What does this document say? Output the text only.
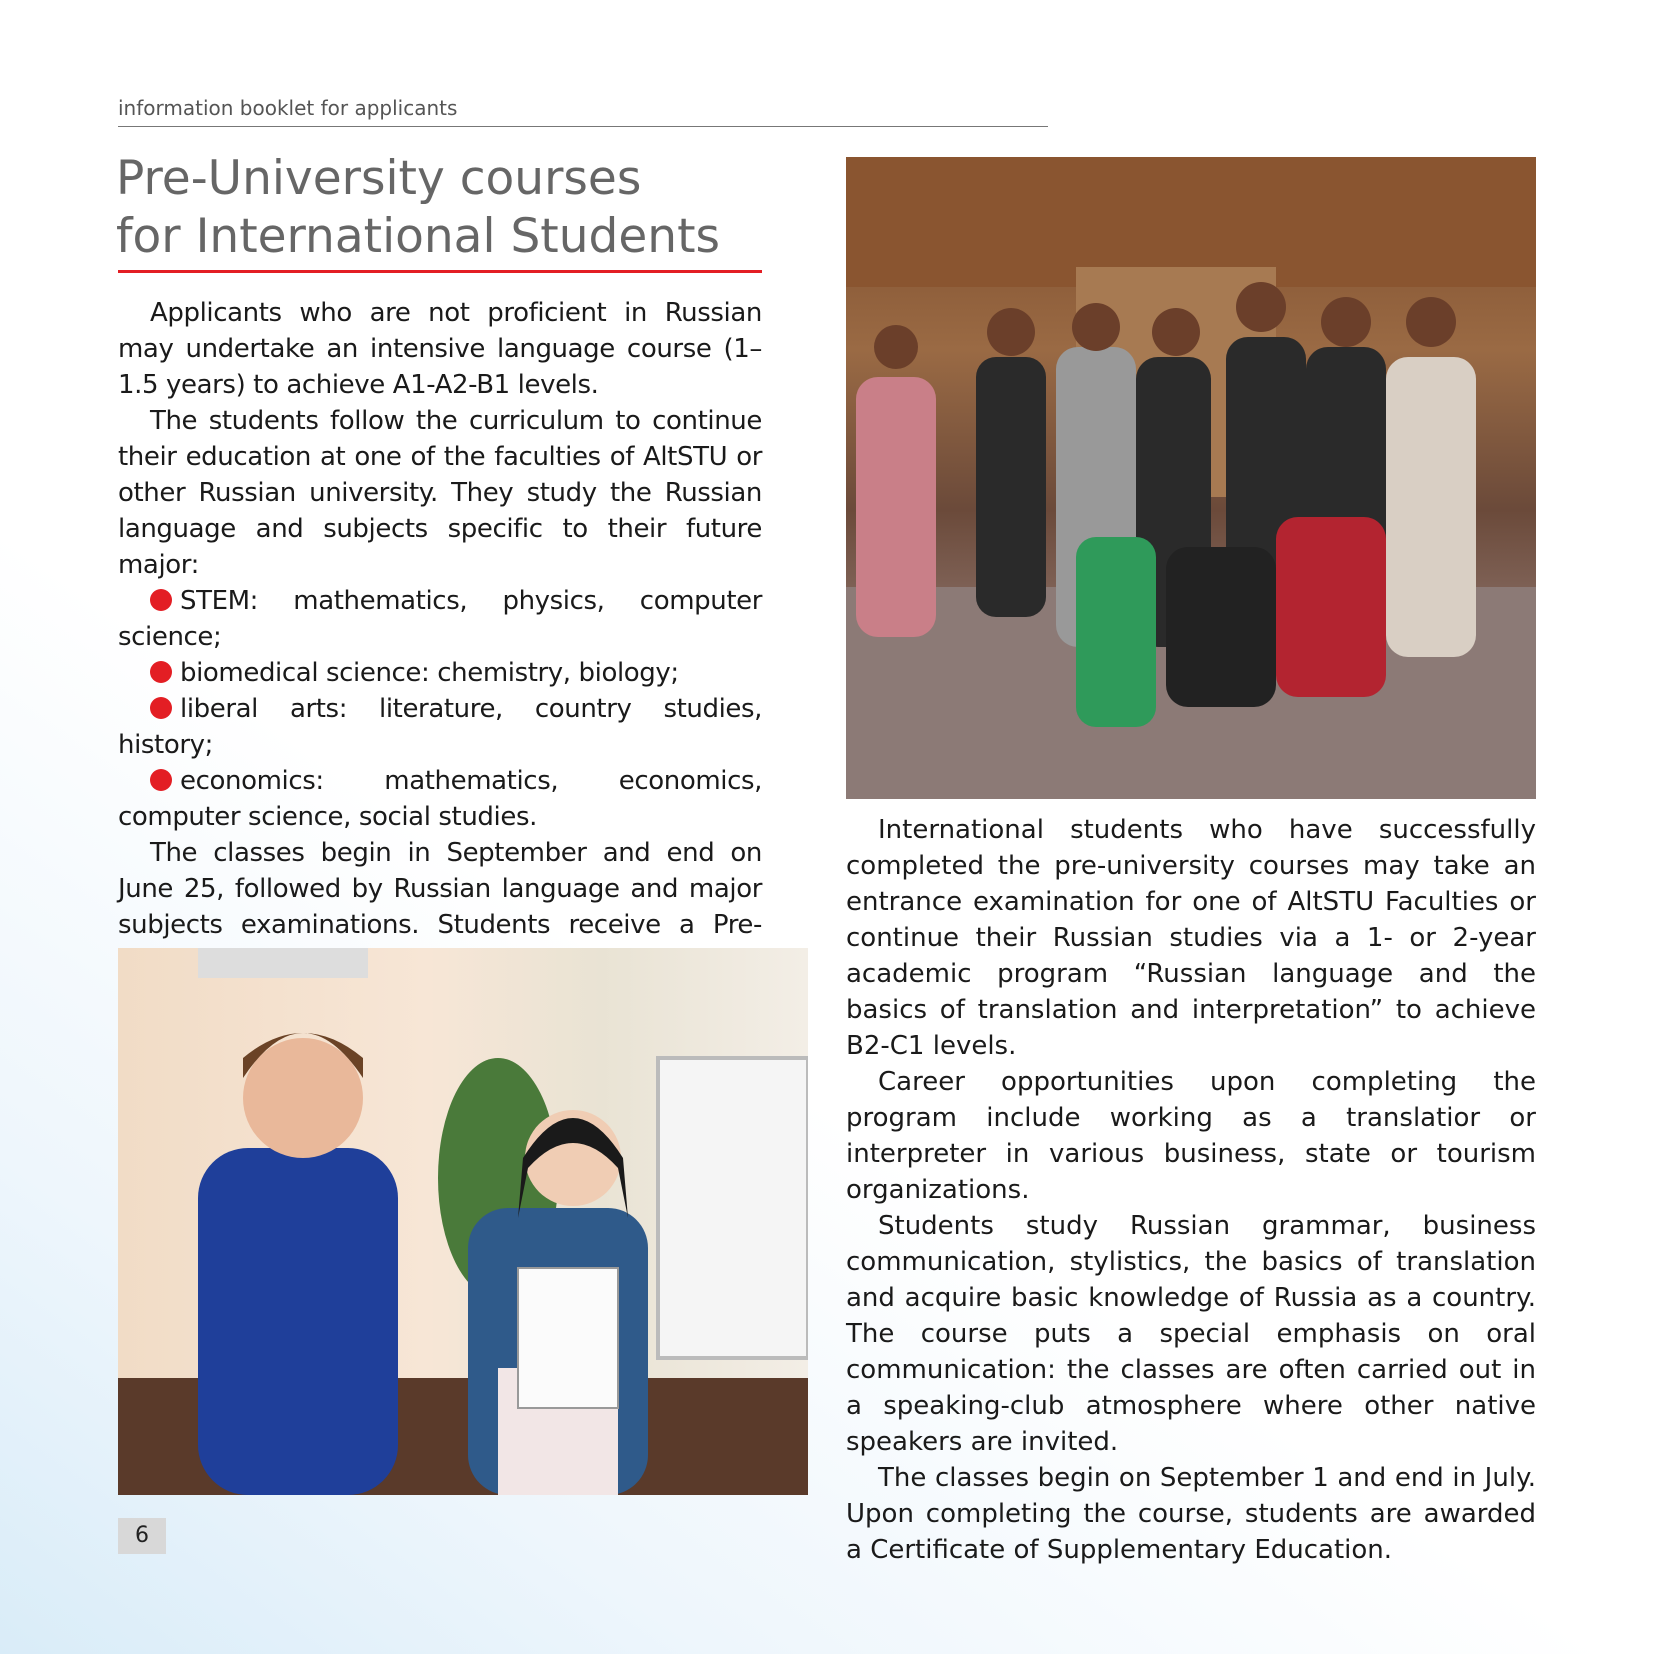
information booklet for applicants
Pre-University courses
for International Students

Applicants who are not proficient in Russian may undertake an intensive language course (1–1.5 years) to achieve A1-A2-B1 levels.

The students follow the curriculum to continue their education at one of the faculties of AltSTU or other Russian university. They study the Russian language and subjects specific to their future major:

STEM: mathematics, physics, computer science;

biomedical science: chemistry, biology;

liberal arts: literature, country studies, history;

economics: mathematics, economics, computer science, social studies.

The classes begin in September and end on June 25, followed by Russian language and major subjects examinations. Students receive a Pre-

International students who have successfully completed the pre-university courses may take an entrance examination for one of AltSTU Faculties or continue their Russian studies via a 1- or 2-year academic program “Russian language and the basics of translation and interpretation” to achieve B2-C1 levels.

Career opportunities upon completing the program include working as a translatior or interpreter in various business, state or tourism organizations.

Students study Russian grammar, business communication, stylistics, the basics of translation and acquire basic knowledge of Russia as a country. The course puts a special emphasis on oral communication: the classes are often carried out in a speaking-club atmosphere where other native speakers are invited.

The classes begin on September 1 and end in July. Upon completing the course, students are awarded a Certificate of Supplementary Education.

6
